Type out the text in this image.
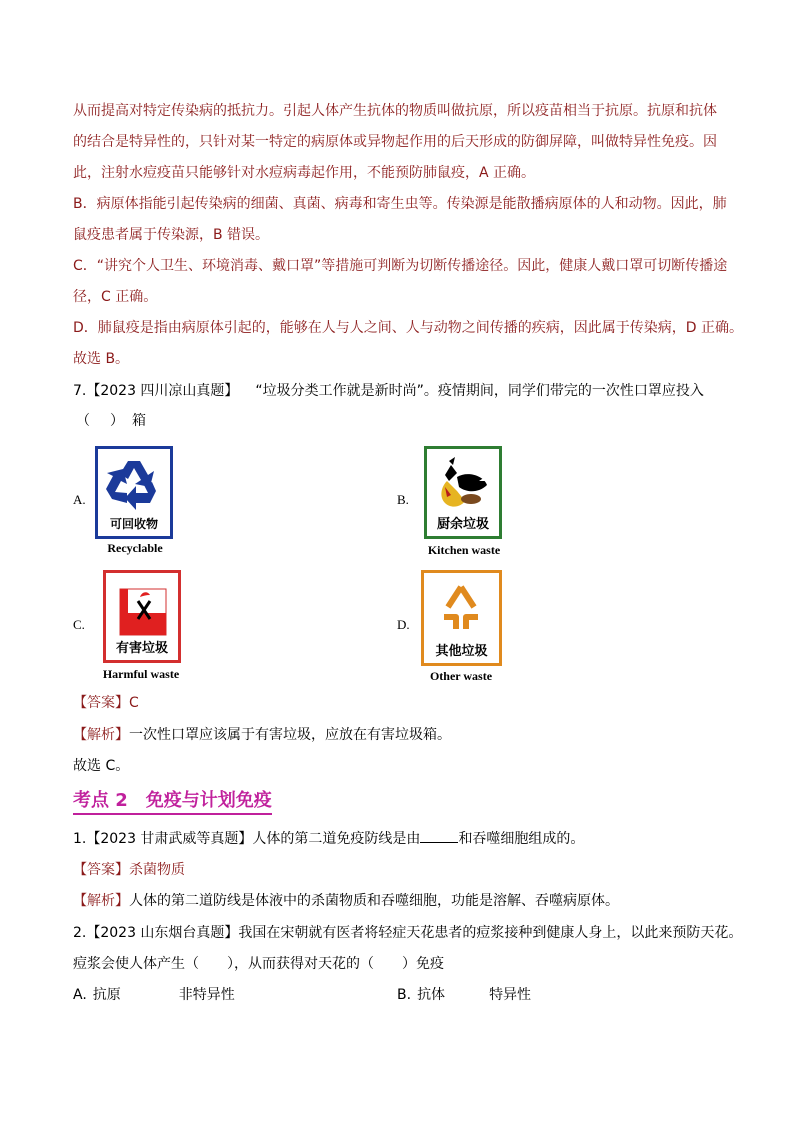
从而提高对特定传染病的抵抗力。引起人体产生抗体的物质叫做抗原，所以疫苗相当于抗原。抗原和抗体
的结合是特异性的，只针对某一特定的病原体或异物起作用的后天形成的防御屏障，叫做特异性免疫。因
此，注射水痘疫苗只能够针对水痘病毒起作用，不能预防肺鼠疫，A 正确。
B．病原体指能引起传染病的细菌、真菌、病毒和寄生虫等。传染源是能散播病原体的人和动物。因此，肺
鼠疫患者属于传染源，B 错误。
C．“讲究个人卫生、环境消毒、戴口罩”等措施可判断为切断传播途径。因此，健康人戴口罩可切断传播途
径，C 正确。
D．肺鼠疫是指由病原体引起的，能够在人与人之间、人与动物之间传播的疾病，因此属于传染病，D 正确。
故选 B。
7.【2023 四川凉山真题】 “垃圾分类工作就是新时尚”。疫情期间，同学们带完的一次性口罩应投入
（ ） 箱
A.
可回收物
Recyclable
B.
厨余垃圾
Kitchen waste
C.
有害垃圾
Harmful waste
D.
其他垃圾
Other waste
【答案】C
【解析】一次性口罩应该属于有害垃圾，应放在有害垃圾箱。
故选 C。
考点 2　免疫与计划免疫
1.【2023 甘肃武威等真题】人体的第二道免疫防线是由	和吞噬细胞组成的。
【答案】杀菌物质
【解析】人体的第二道防线是体液中的杀菌物质和吞噬细胞，功能是溶解、吞噬病原体。
2.【2023 山东烟台真题】我国在宋朝就有医者将轻症天花患者的痘浆接种到健康人身上，以此来预防天花。
痘浆会使人体产生（　　），从而获得对天花的（　　）免疫
A. 抗原	非特异性	B. 抗体	特异性
